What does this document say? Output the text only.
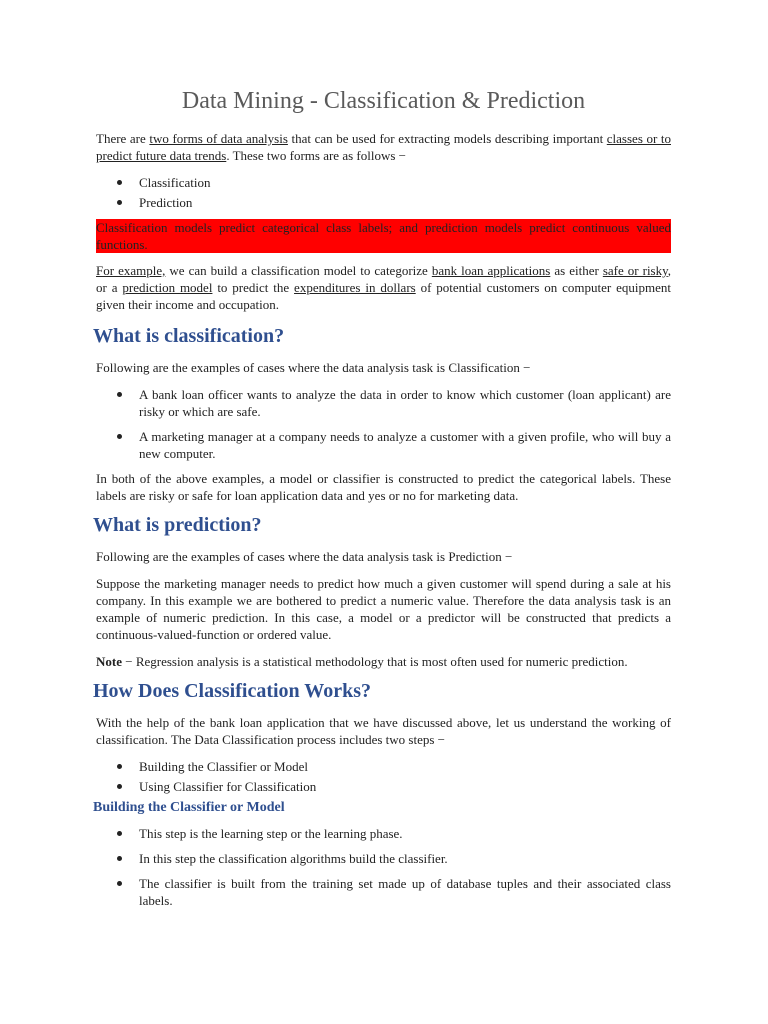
Data Mining - Classification & Prediction

There are two forms of data analysis that can be used for extracting models describing important classes or to predict future data trends. These two forms are as follows −

Classification
Prediction

Classification models predict categorical class labels; and prediction models predict continuous valued functions.

For example, we can build a classification model to categorize bank loan applications as either safe or risky, or a prediction model to predict the expenditures in dollars of potential customers on computer equipment given their income and occupation.

What is classification?

Following are the examples of cases where the data analysis task is Classification −

A bank loan officer wants to analyze the data in order to know which customer (loan applicant) are risky or which are safe.
A marketing manager at a company needs to analyze a customer with a given profile, who will buy a new computer.

In both of the above examples, a model or classifier is constructed to predict the categorical labels. These labels are risky or safe for loan application data and yes or no for marketing data.

What is prediction?

Following are the examples of cases where the data analysis task is Prediction −

Suppose the marketing manager needs to predict how much a given customer will spend during a sale at his company. In this example we are bothered to predict a numeric value. Therefore the data analysis task is an example of numeric prediction. In this case, a model or a predictor will be constructed that predicts a continuous-valued-function or ordered value.

Note − Regression analysis is a statistical methodology that is most often used for numeric prediction.

How Does Classification Works?

With the help of the bank loan application that we have discussed above, let us understand the working of classification. The Data Classification process includes two steps −

Building the Classifier or Model
Using Classifier for Classification
Building the Classifier or Model
This step is the learning step or the learning phase.
In this step the classification algorithms build the classifier.
The classifier is built from the training set made up of database tuples and their associated class labels.
